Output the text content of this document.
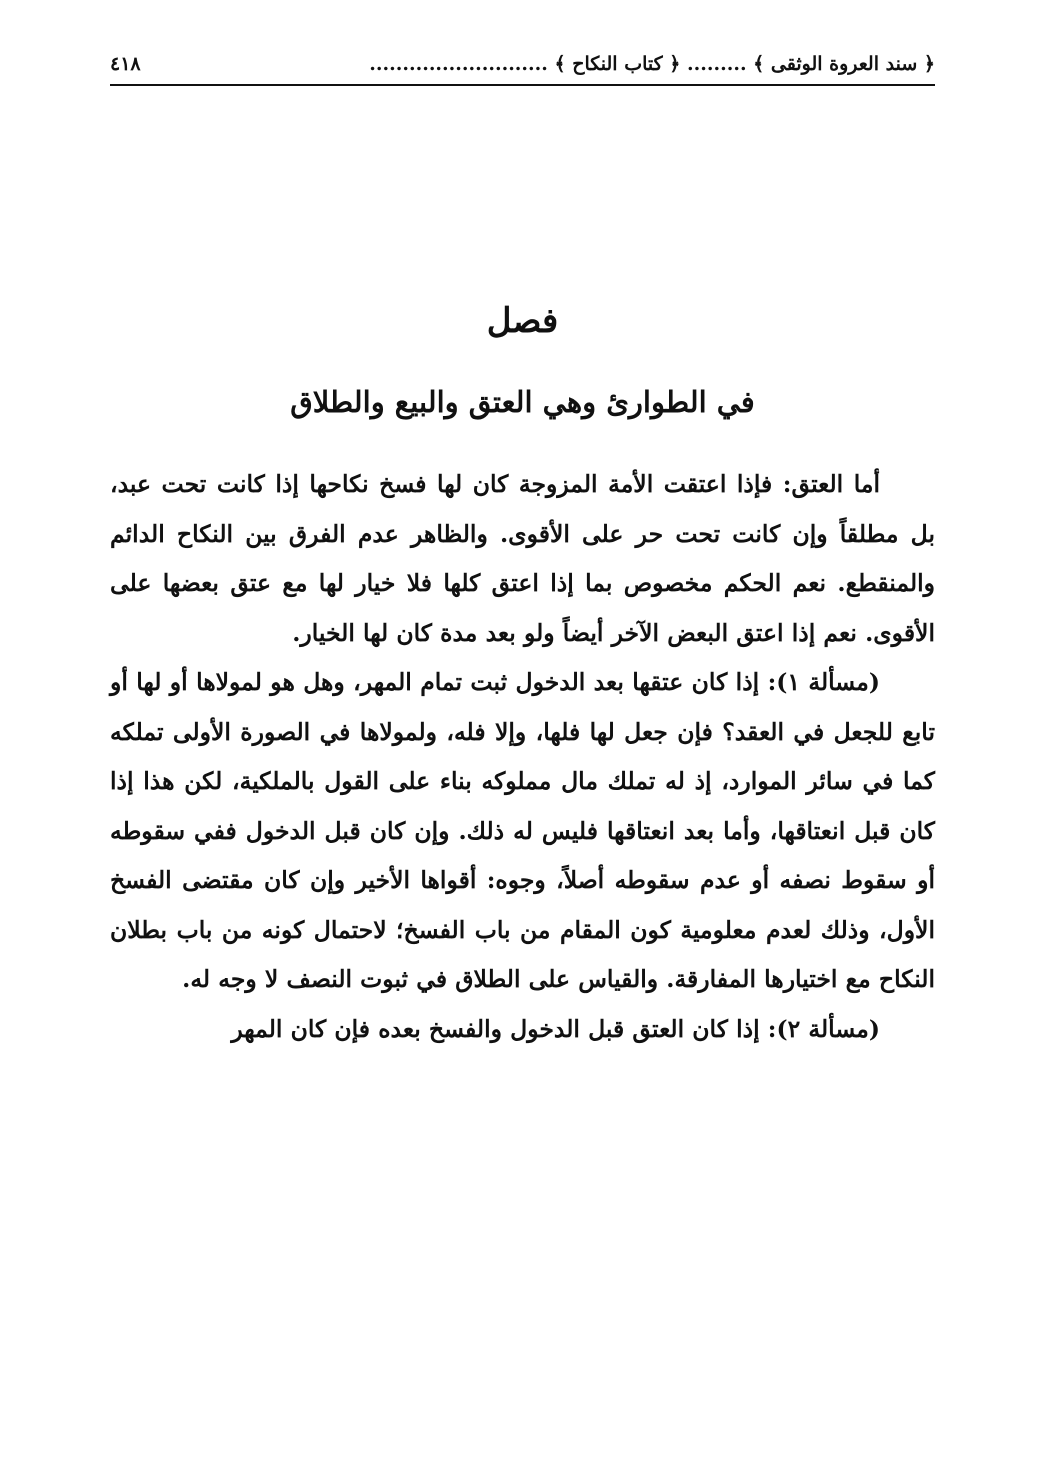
﴿ سند العروة الوثقى ﴾ ......... ﴿ كتاب النكاح ﴾ ...........................
٤١٨
فصل
في الطوارئ وهي العتق والبيع والطلاق

أما العتق: فإذا اعتقت الأمة المزوجة كان لها فسخ نكاحها إذا كانت تحت عبد، بل مطلقاً وإن كانت تحت حر على الأقوى. والظاهر عدم الفرق بين النكاح الدائم والمنقطع. نعم الحكم مخصوص بما إذا اعتق كلها فلا خيار لها مع عتق بعضها على الأقوى. نعم إذا اعتق البعض الآخر أيضاً ولو بعد مدة كان لها الخيار.

(مسألة ١): إذا كان عتقها بعد الدخول ثبت تمام المهر، وهل هو لمولاها أو لها أو تابع للجعل في العقد؟ فإن جعل لها فلها، وإلا فله، ولمولاها في الصورة الأولى تملكه كما في سائر الموارد، إذ له تملك مال مملوكه بناء على القول بالملكية، لكن هذا إذا كان قبل انعتاقها، وأما بعد انعتاقها فليس له ذلك. وإن كان قبل الدخول ففي سقوطه أو سقوط نصفه أو عدم سقوطه أصلاً، وجوه: أقواها الأخير وإن كان مقتضى الفسخ الأول، وذلك لعدم معلومية كون المقام من باب الفسخ؛ لاحتمال كونه من باب بطلان النكاح مع اختيارها المفارقة. والقياس على الطلاق في ثبوت النصف لا وجه له.

(مسألة ٢): إذا كان العتق قبل الدخول والفسخ بعده فإن كان المهر
